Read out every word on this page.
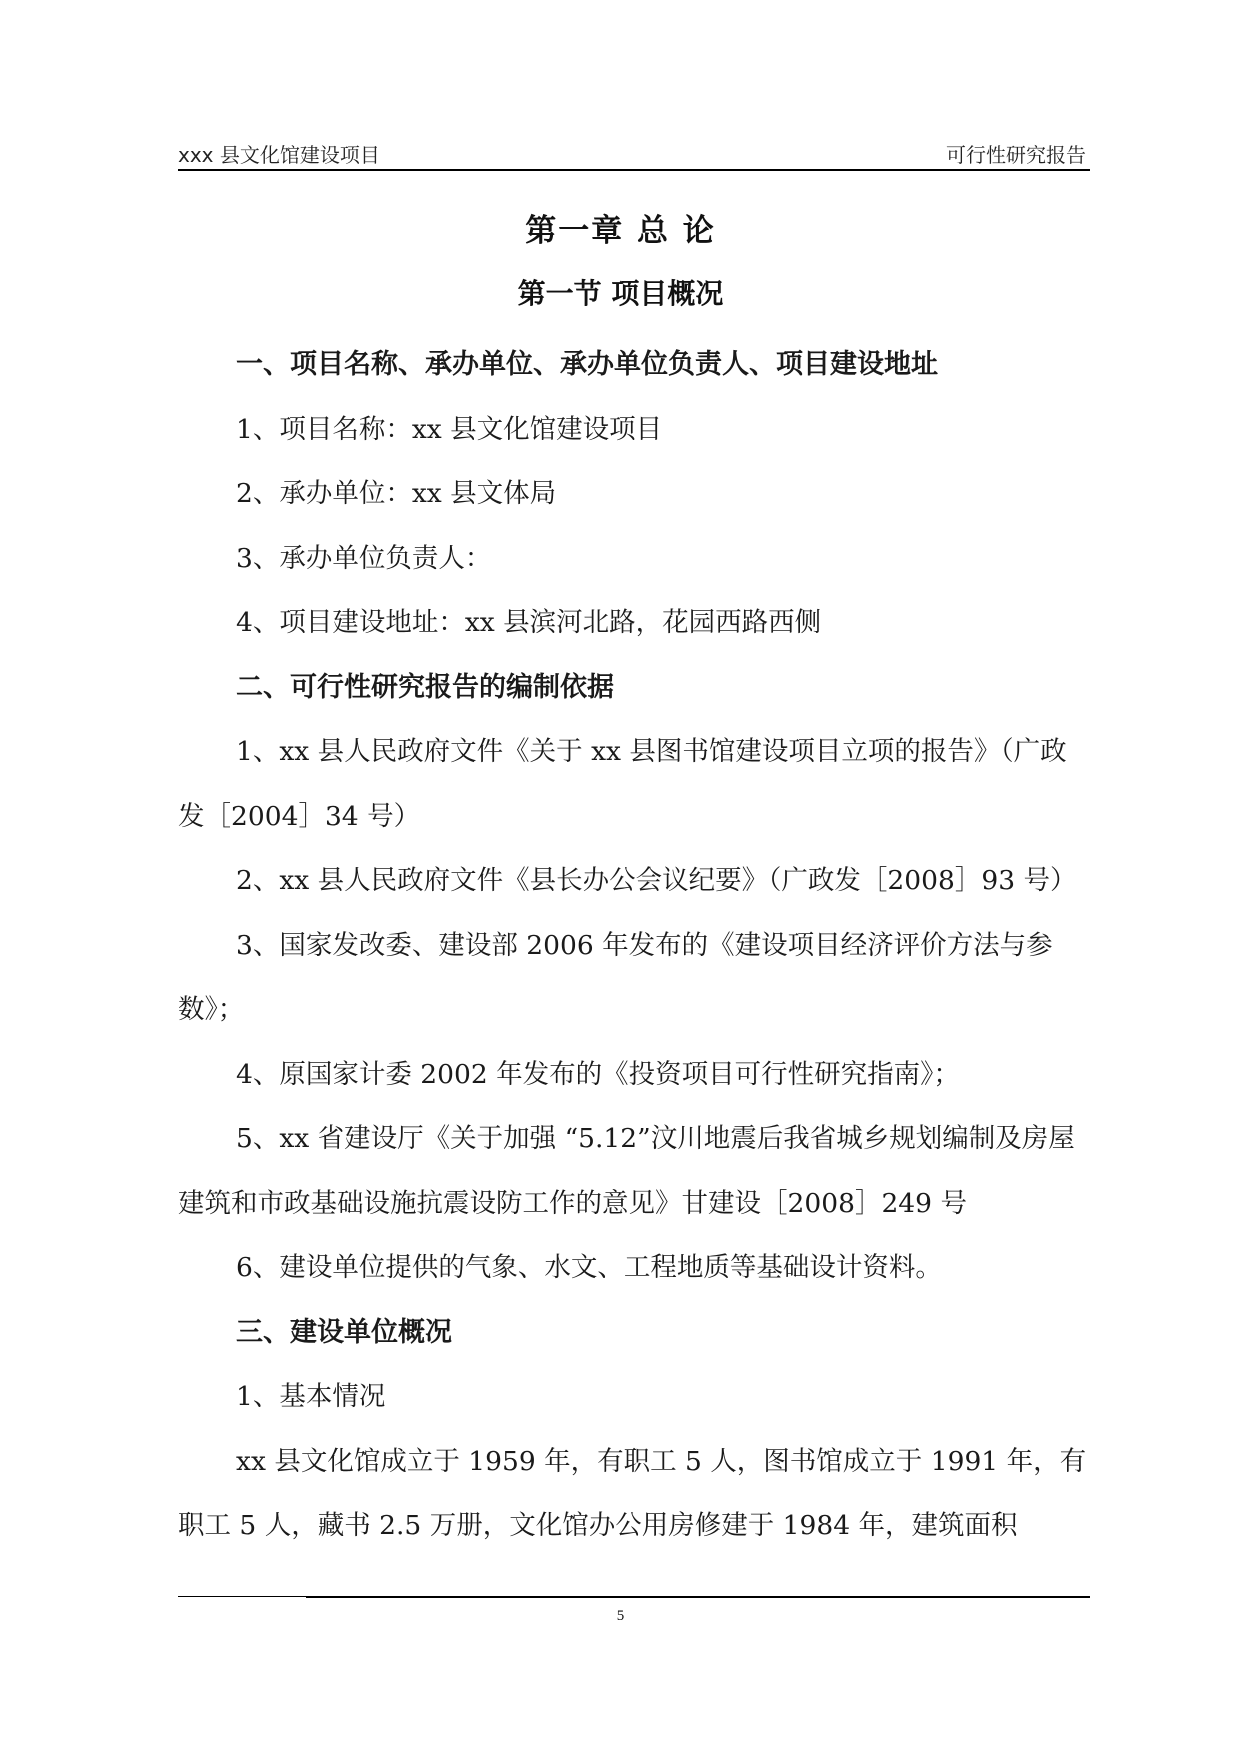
xxx 县文化馆建设项目	可行性研究报告
第一章 总 论
第一节 项目概况

一、项目名称、承办单位、承办单位负责人、项目建设地址

1、项目名称：xx 县文化馆建设项目

2、承办单位：xx 县文体局

3、承办单位负责人：

4、项目建设地址：xx 县滨河北路，花园西路西侧

二、可行性研究报告的编制依据

1、xx 县人民政府文件《关于 xx 县图书馆建设项目立项的报告》（广政发［2004］34 号）

2、xx 县人民政府文件《县长办公会议纪要》（广政发［2008］93 号）

3、国家发改委、建设部 2006 年发布的《建设项目经济评价方法与参数》；

4、原国家计委 2002 年发布的《投资项目可行性研究指南》；

5、xx 省建设厅《关于加强 “5.12”汶川地震后我省城乡规划编制及房屋建筑和市政基础设施抗震设防工作的意见》甘建设［2008］249 号

6、建设单位提供的气象、水文、工程地质等基础设计资料。

三、建设单位概况

1、基本情况

xx 县文化馆成立于 1959 年，有职工 5 人，图书馆成立于 1991 年，有职工 5 人，藏书 2.5 万册，文化馆办公用房修建于 1984 年，建筑面积

5
